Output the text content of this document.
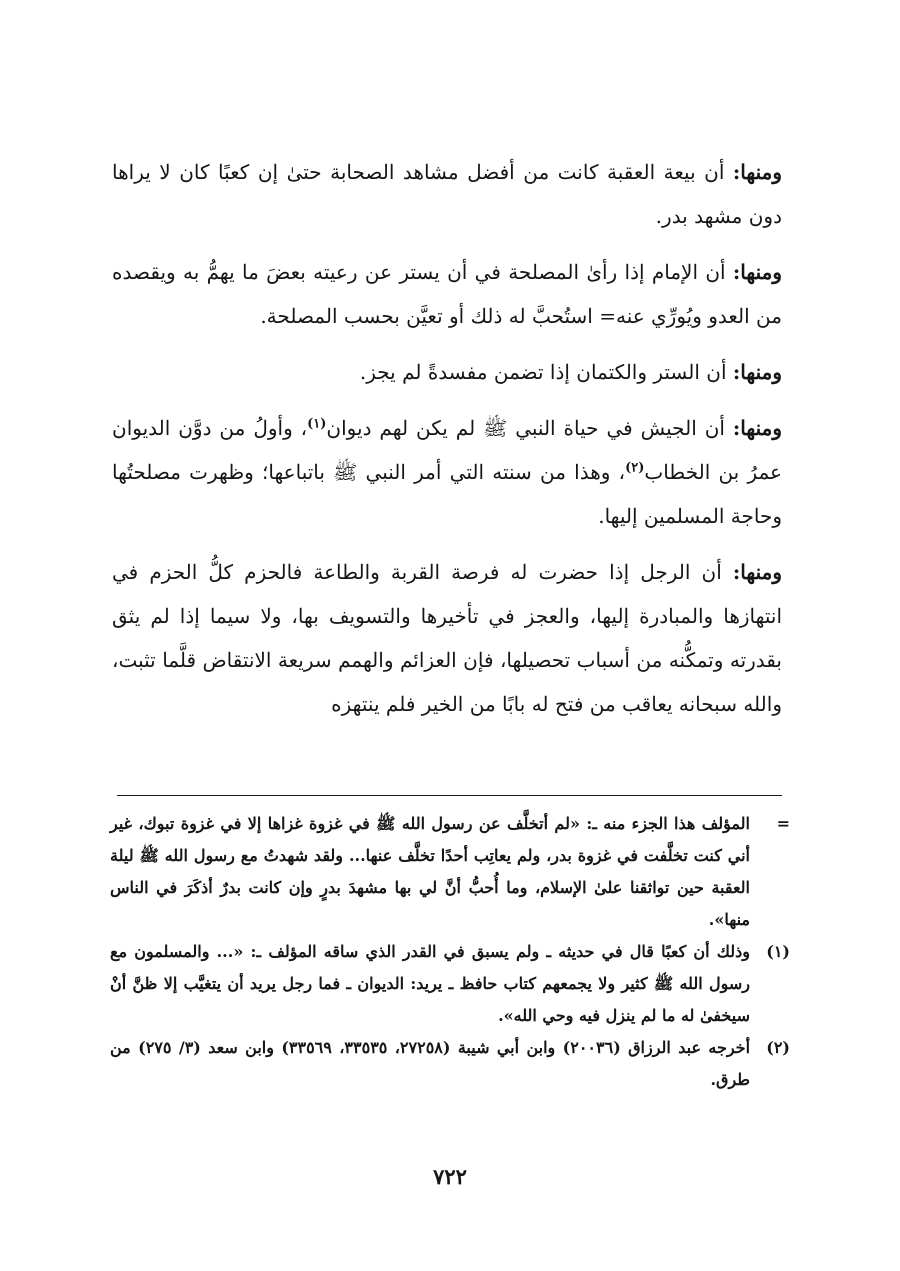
ومنها: أن بيعة العقبة كانت من أفضل مشاهد الصحابة حتىٰ إن كعبًا كان لا يراها دون مشهد بدر.

ومنها: أن الإمام إذا رأىٰ المصلحة في أن يستر عن رعيته بعضَ ما يهمُّ به ويقصده من العدو ويُورِّي عنه= استُحبَّ له ذلك أو تعيَّن بحسب المصلحة.

ومنها: أن الستر والكتمان إذا تضمن مفسدةً لم يجز.

ومنها: أن الجيش في حياة النبي ﷺ لم يكن لهم ديوان$^{(١)}$، وأولُ من دوَّن الديوان عمرُ بن الخطاب$^{(٢)}$، وهذا من سنته التي أمر النبي ﷺ باتباعها؛ وظهرت مصلحتُها وحاجة المسلمين إليها.

ومنها: أن الرجل إذا حضرت له فرصة القربة والطاعة فالحزم كلُّ الحزم في انتهازها والمبادرة إليها، والعجز في تأخيرها والتسويف بها، ولا سيما إذا لم يثق بقدرته وتمكُّنه من أسباب تحصيلها، فإن العزائم والهمم سريعة الانتقاض قلَّما تثبت، والله سبحانه يعاقب من فتح له بابًا من الخير فلم ينتهزه

=
المؤلف هذا الجزء منه ـ: «لم أتخلَّف عن رسول الله ﷺ في غزوة غزاها إلا في غزوة تبوك، غير أني كنت تخلَّفت في غزوة بدر، ولم يعاتِب أحدًا تخلَّف عنها... ولقد شهدتُ مع رسول الله ﷺ ليلة العقبة حين تواثقنا علىٰ الإسلام، وما أُحبُّ أنَّ لي بها مشهدَ بدرٍ وإن كانت بدرٌ أذكَرَ في الناس منها».
(١)
وذلك أن كعبًا قال في حديثه ـ ولم يسبق في القدر الذي ساقه المؤلف ـ: «... والمسلمون مع رسول الله ﷺ كثير ولا يجمعهم كتاب حافظ ـ يريد: الديوان ـ فما رجل يريد أن يتغيَّب إلا ظنَّ أنْ سيخفىٰ له ما لم ينزل فيه وحي الله».
(٢)
أخرجه عبد الرزاق (٢٠٠٣٦) وابن أبي شيبة (٢٧٢٥٨، ٣٣٥٣٥، ٣٣٥٦٩) وابن سعد (٣/ ٢٧٥) من طرق.
٧٢٢
